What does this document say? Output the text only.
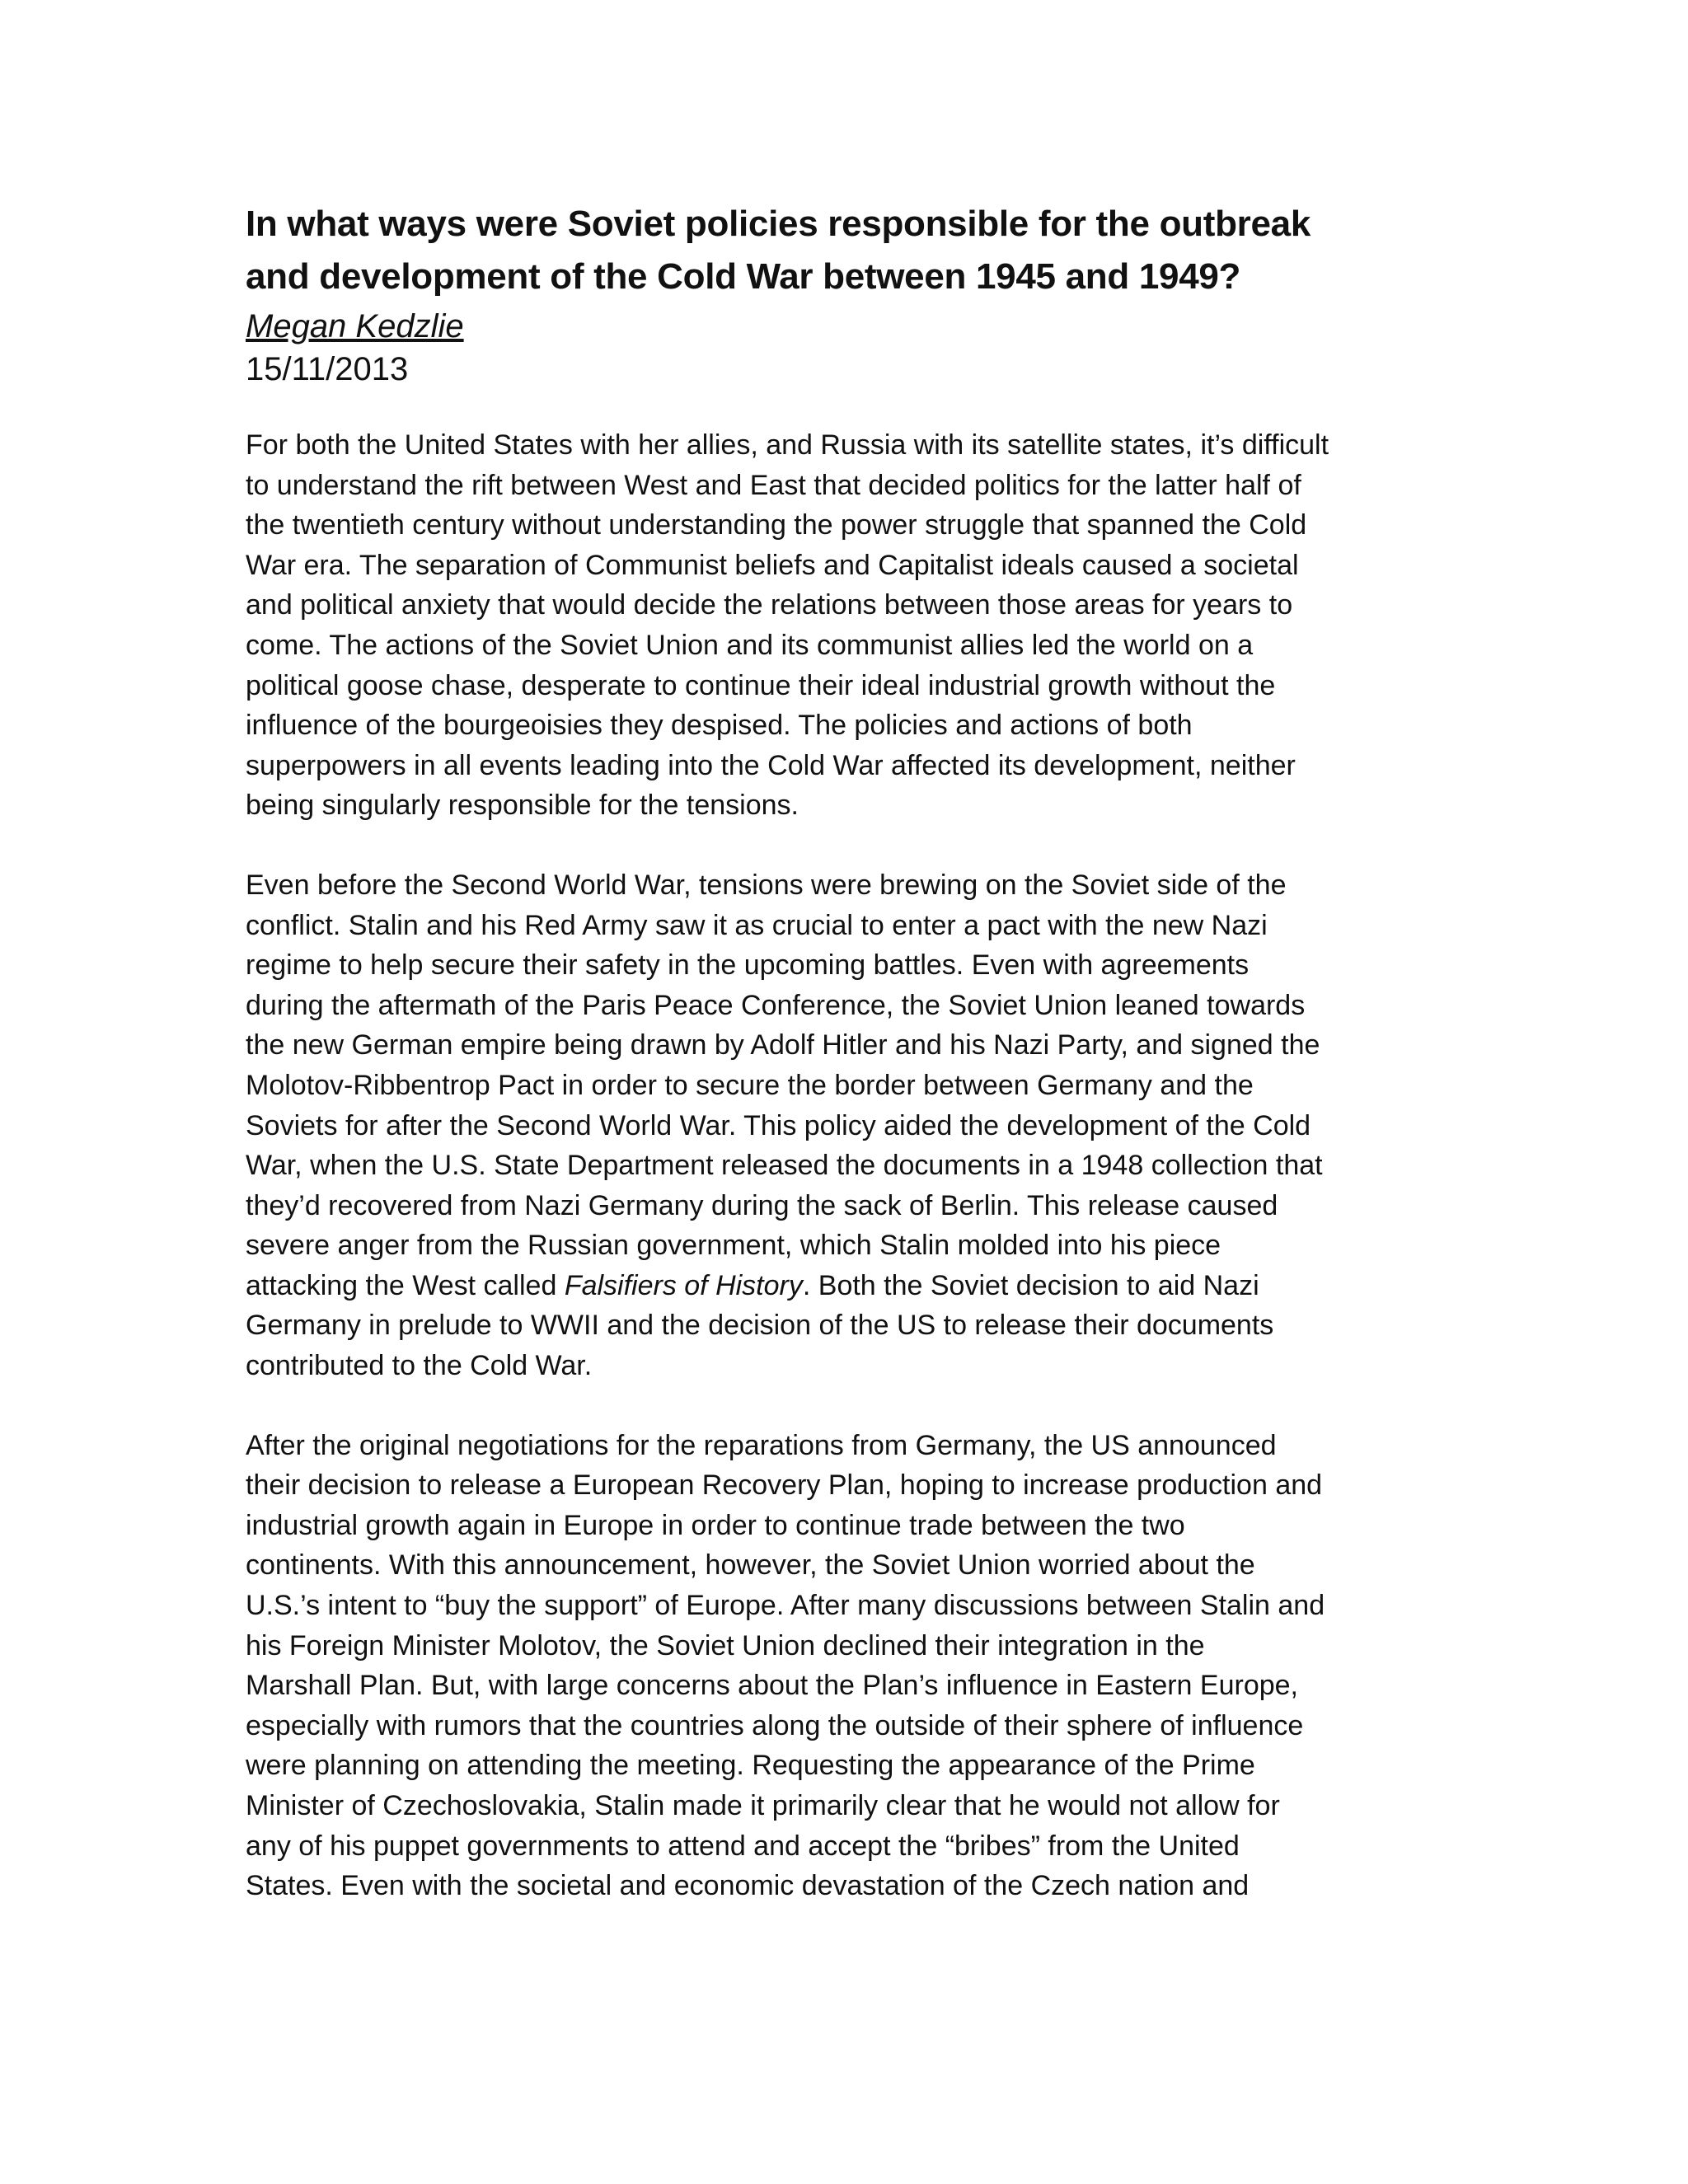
In what ways were Soviet policies responsible for the outbreak
and development of the Cold War between 1945 and 1949?
Megan Kedzlie
15/11/2013

For both the United States with her allies, and Russia with its satellite states, it’s difficult
to understand the rift between West and East that decided politics for the latter half of
the twentieth century without understanding the power struggle that spanned the Cold
War era. The separation of Communist beliefs and Capitalist ideals caused a societal
and political anxiety that would decide the relations between those areas for years to
come. The actions of the Soviet Union and its communist allies led the world on a
political goose chase, desperate to continue their ideal industrial growth without the
influence of the bourgeoisies they despised. The policies and actions of both
superpowers in all events leading into the Cold War affected its development, neither
being singularly responsible for the tensions.

Even before the Second World War, tensions were brewing on the Soviet side of the
conflict. Stalin and his Red Army saw it as crucial to enter a pact with the new Nazi
regime to help secure their safety in the upcoming battles. Even with agreements
during the aftermath of the Paris Peace Conference, the Soviet Union leaned towards
the new German empire being drawn by Adolf Hitler and his Nazi Party, and signed the
Molotov-Ribbentrop Pact in order to secure the border between Germany and the
Soviets for after the Second World War. This policy aided the development of the Cold
War, when the U.S. State Department released the documents in a 1948 collection that
they’d recovered from Nazi Germany during the sack of Berlin. This release caused
severe anger from the Russian government, which Stalin molded into his piece
attacking the West called Falsifiers of History. Both the Soviet decision to aid Nazi
Germany in prelude to WWII and the decision of the US to release their documents
contributed to the Cold War.

After the original negotiations for the reparations from Germany, the US announced
their decision to release a European Recovery Plan, hoping to increase production and
industrial growth again in Europe in order to continue trade between the two
continents. With this announcement, however, the Soviet Union worried about the
U.S.’s intent to “buy the support” of Europe. After many discussions between Stalin and
his Foreign Minister Molotov, the Soviet Union declined their integration in the
Marshall Plan. But, with large concerns about the Plan’s influence in Eastern Europe,
especially with rumors that the countries along the outside of their sphere of influence
were planning on attending the meeting. Requesting the appearance of the Prime
Minister of Czechoslovakia, Stalin made it primarily clear that he would not allow for
any of his puppet governments to attend and accept the “bribes” from the United
States. Even with the societal and economic devastation of the Czech nation and
